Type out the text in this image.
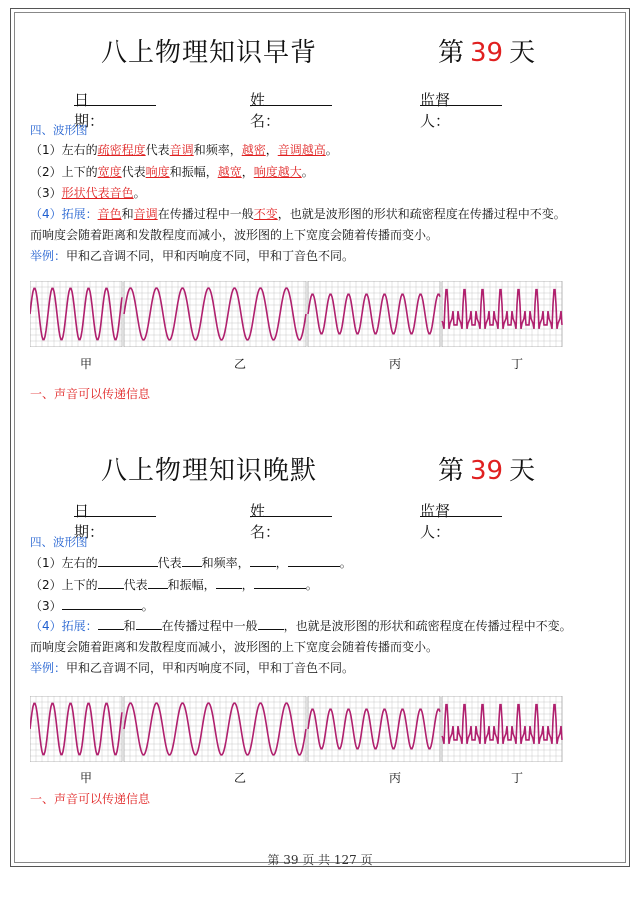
八上物理知识早背	第 39 天
日期：
姓名：
监督人：
四、波形图
（1）左右的疏密程度代表音调和频率，越密，音调越高。
（2）上下的宽度代表响度和振幅，越宽，响度越大。
（3）形状代表音色。
（4）拓展：音色和音调在传播过程中一般不变，也就是波形图的形状和疏密程度在传播过程中不变。
而响度会随着距离和发散程度而减小，波形图的上下宽度会随着传播而变小。
举例：甲和乙音调不同，甲和丙响度不同，甲和丁音色不同。
甲	乙	丙	丁
一、声音可以传递信息
八上物理知识晚默	第 39 天
日期：
姓名：
监督人：
四、波形图
（1）左右的	代表 和频率， ，	。
（2）上下的 代表 和振幅， ，	。
（3）	。
（4）拓展： 和 在传播过程中一般 ，也就是波形图的形状和疏密程度在传播过程中不变。
而响度会随着距离和发散程度而减小，波形图的上下宽度会随着传播而变小。
举例：甲和乙音调不同，甲和丙响度不同，甲和丁音色不同。
甲	乙	丙	丁
一、声音可以传递信息
第 39 页 共 127 页
